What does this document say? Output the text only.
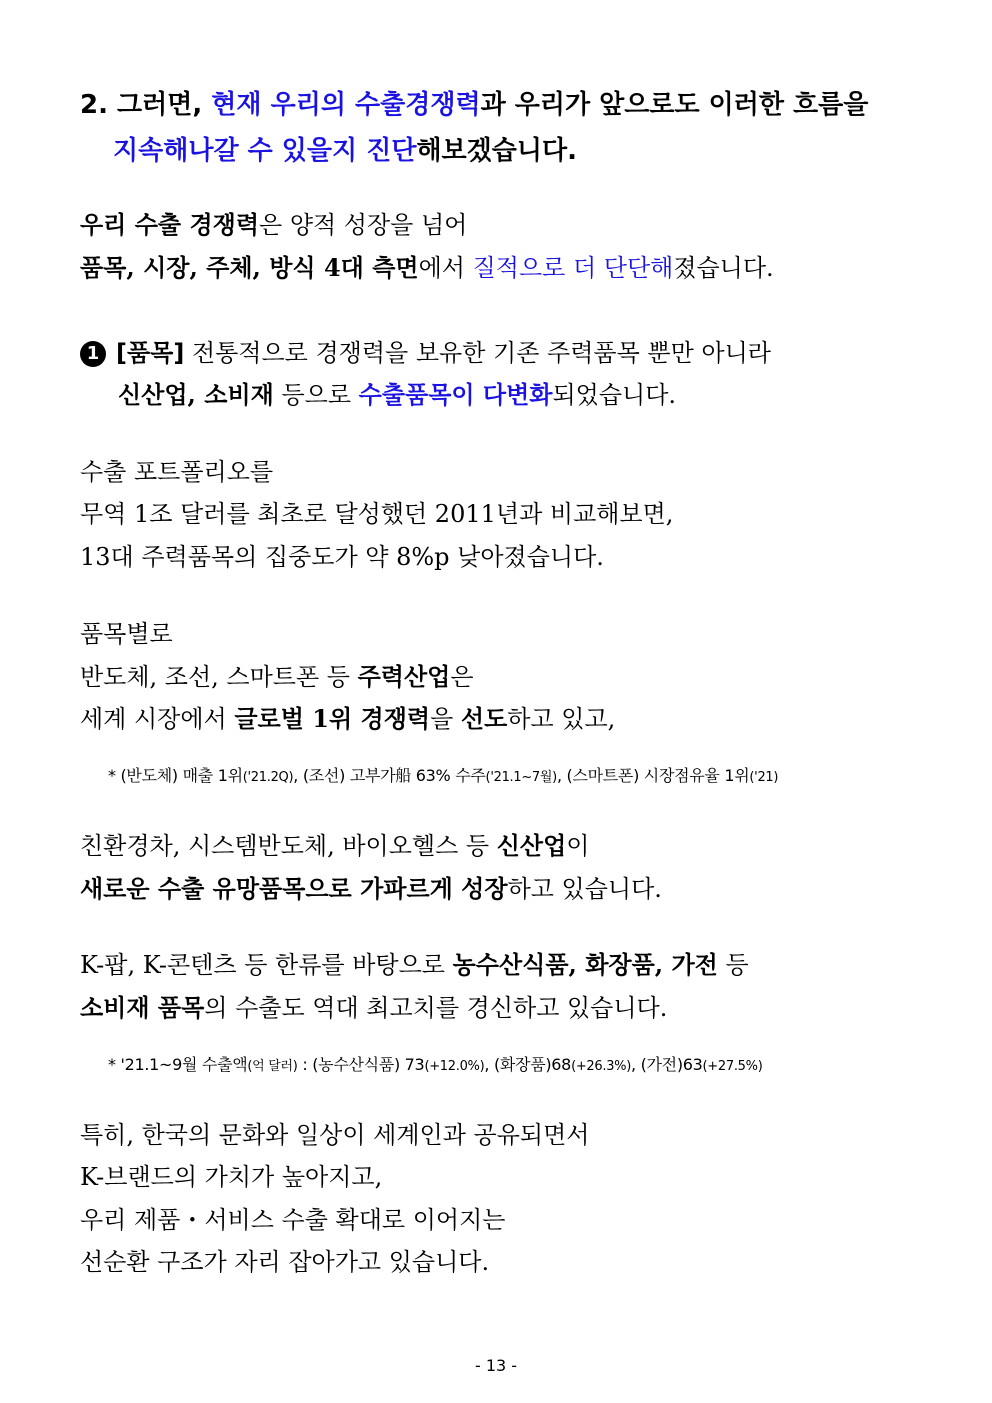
2. 그러면, 현재 우리의 수출경쟁력과 우리가 앞으로도 이러한 흐름을
지속해나갈 수 있을지 진단해보겠습니다.
우리 수출 경쟁력은 양적 성장을 넘어
품목, 시장, 주체, 방식 4대 측면에서 질적으로 더 단단해졌습니다.
1 [품목] 전통적으로 경쟁력을 보유한 기존 주력품목 뿐만 아니라
신산업, 소비재 등으로 수출품목이 다변화되었습니다.
수출 포트폴리오를
무역 1조 달러를 최초로 달성했던 2011년과 비교해보면,
13대 주력품목의 집중도가 약 8%p 낮아졌습니다.
품목별로
반도체, 조선, 스마트폰 등 주력산업은
세계 시장에서 글로벌 1위 경쟁력을 선도하고 있고,
* (반도체) 매출 1위('21.2Q), (조선) 고부가船 63% 수주('21.1~7월), (스마트폰) 시장점유율 1위('21)
친환경차, 시스템반도체, 바이오헬스 등 신산업이
새로운 수출 유망품목으로 가파르게 성장하고 있습니다.
K-팝, K-콘텐츠 등 한류를 바탕으로 농수산식품, 화장품, 가전 등
소비재 품목의 수출도 역대 최고치를 경신하고 있습니다.
* '21.1~9월 수출액(억 달러) : (농수산식품) 73(+12.0%), (화장품)68(+26.3%), (가전)63(+27.5%)
특히, 한국의 문화와 일상이 세계인과 공유되면서
K-브랜드의 가치가 높아지고,
우리 제품・서비스 수출 확대로 이어지는
선순환 구조가 자리 잡아가고 있습니다.
- 13 -
